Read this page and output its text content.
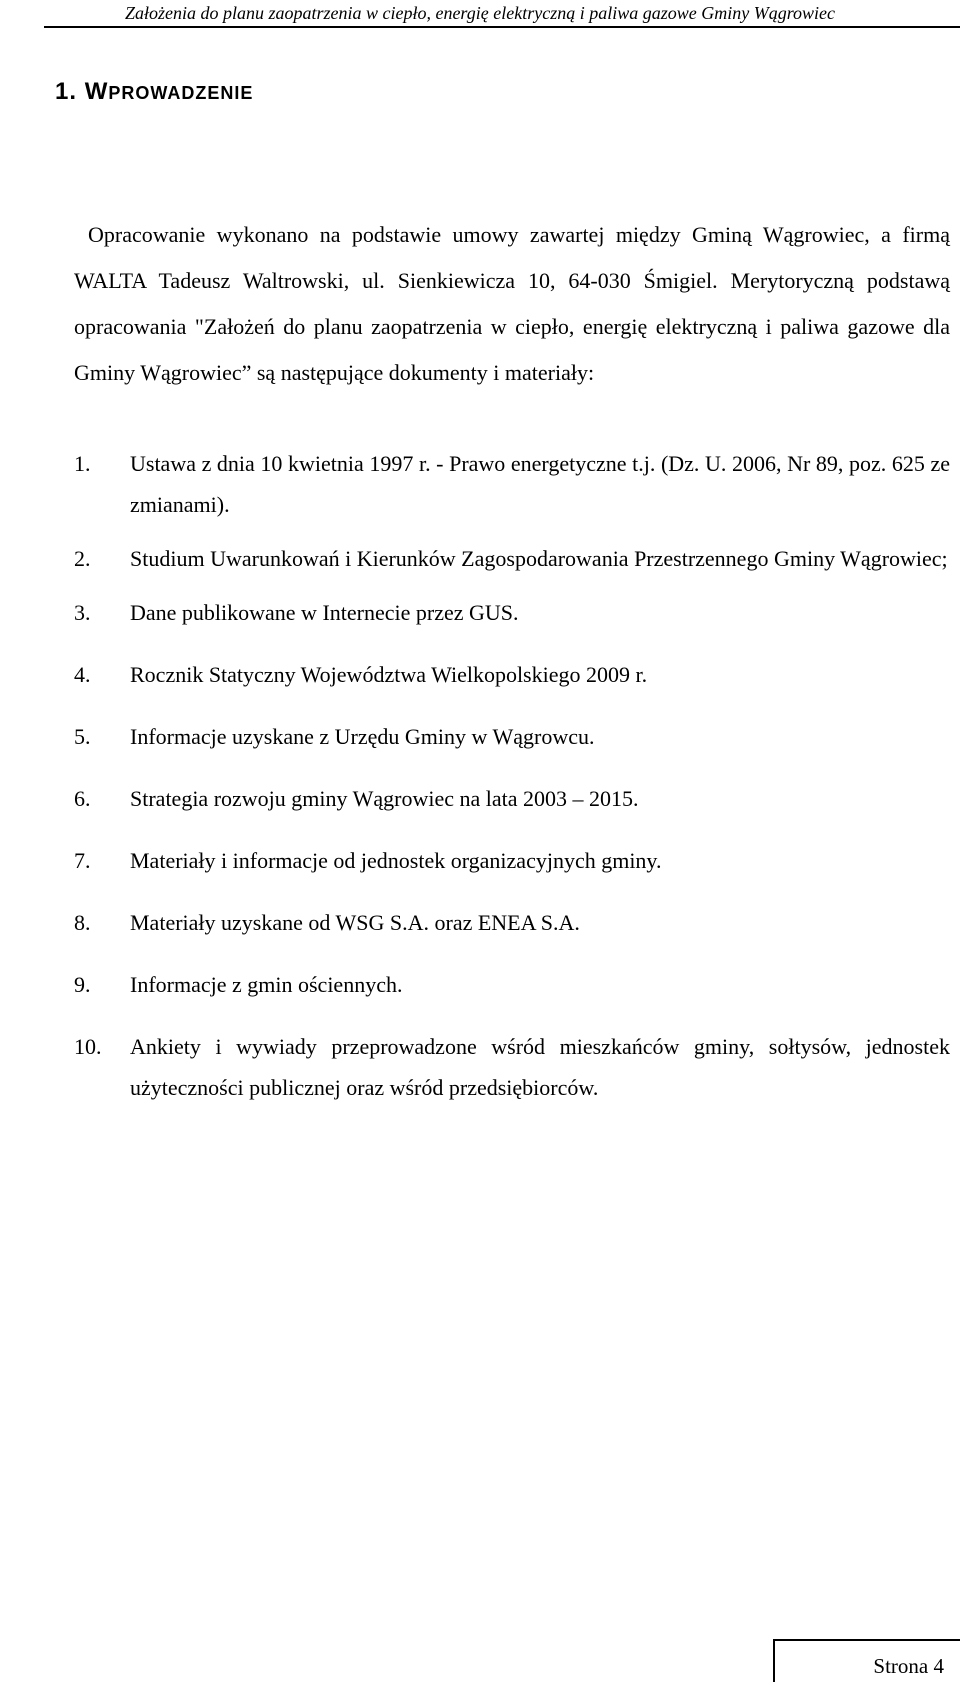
Założenia do planu zaopatrzenia w ciepło, energię elektryczną i paliwa gazowe Gminy Wągrowiec
1. WPROWADZENIE

Opracowanie wykonano na podstawie umowy zawartej między Gminą Wągrowiec, a firmą WALTA Tadeusz Waltrowski, ul. Sienkiewicza 10, 64-030 Śmigiel. Merytoryczną podstawą opracowania "Założeń do planu zaopatrzenia w ciepło, energię elektryczną i paliwa gazowe dla Gminy Wągrowiec” są następujące dokumenty i materiały:

1.	Ustawa z dnia 10 kwietnia 1997 r. - Prawo energetyczne t.j. (Dz. U. 2006, Nr 89, poz. 625 ze zmianami).
2.	Studium Uwarunkowań i Kierunków Zagospodarowania Przestrzennego Gminy Wągrowiec;
3.	Dane publikowane w Internecie przez GUS.
4.	Rocznik Statyczny Województwa Wielkopolskiego 2009 r.
5.	Informacje uzyskane z Urzędu Gminy w Wągrowcu.
6.	Strategia rozwoju gminy Wągrowiec na lata 2003 – 2015.
7.	Materiały i informacje od jednostek organizacyjnych gminy.
8.	Materiały uzyskane od WSG S.A. oraz ENEA S.A.
9.	Informacje z gmin ościennych.
10.	Ankiety i wywiady przeprowadzone wśród mieszkańców gminy, sołtysów, jednostek użyteczności publicznej oraz wśród przedsiębiorców.
Strona 4
